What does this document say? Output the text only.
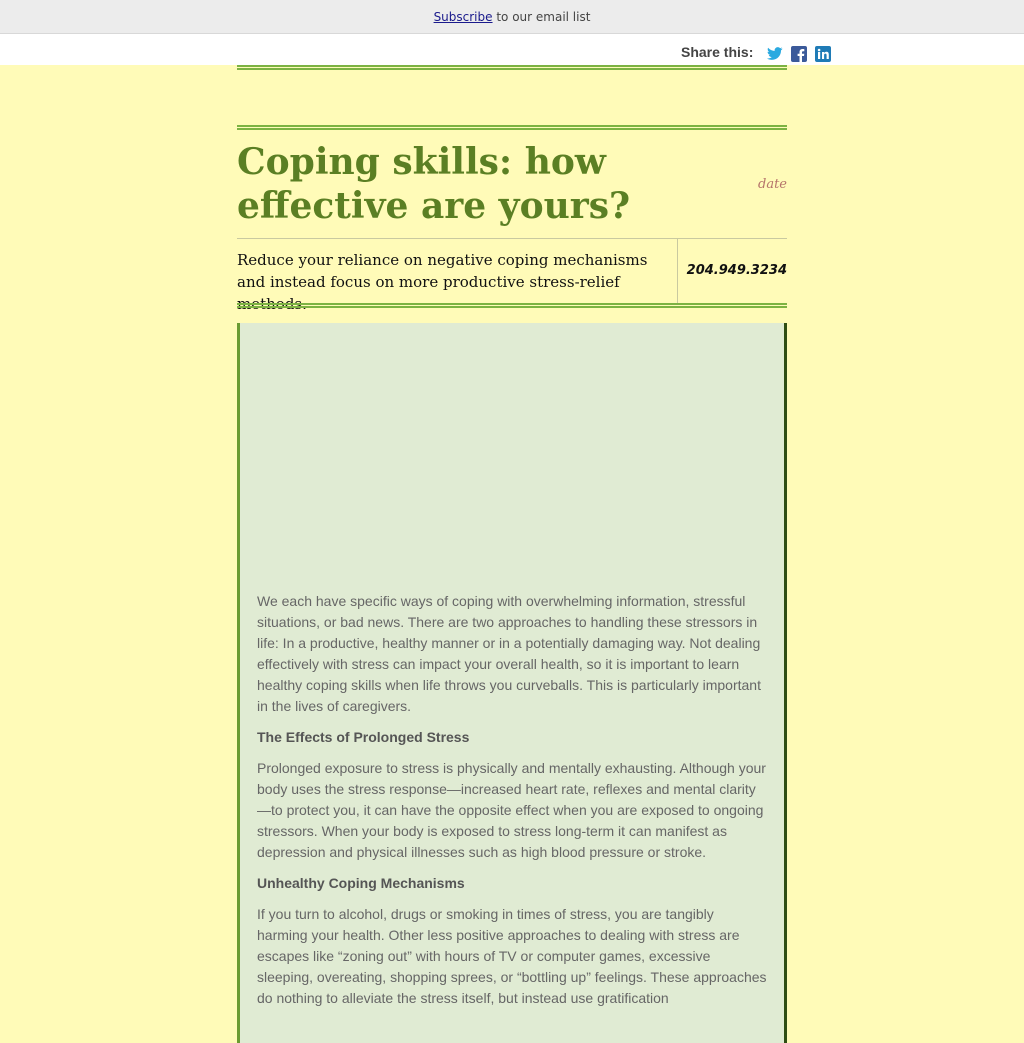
Subscribe to our email list
Share this:
Coping skills: how effective are yours?
date
Reduce your reliance on negative coping mechanisms and instead focus on more productive stress-relief methods.
204.949.3234

We each have specific ways of coping with overwhelming information, stressful situations, or bad news. There are two approaches to handling these stressors in life: In a productive, healthy manner or in a potentially damaging way. Not dealing effectively with stress can impact your overall health, so it is important to learn healthy coping skills when life throws you curveballs. This is particularly important in the lives of caregivers.

The Effects of Prolonged Stress

Prolonged exposure to stress is physically and mentally exhausting. Although your body uses the stress response—increased heart rate, reflexes and mental clarity—to protect you, it can have the opposite effect when you are exposed to ongoing stressors. When your body is exposed to stress long-term it can manifest as depression and physical illnesses such as high blood pressure or stroke.

Unhealthy Coping Mechanisms

If you turn to alcohol, drugs or smoking in times of stress, you are tangibly harming your health. Other less positive approaches to dealing with stress are escapes like “zoning out” with hours of TV or computer games, excessive sleeping, overeating, shopping sprees, or “bottling up” feelings. These approaches do nothing to alleviate the stress itself, but instead use gratification
